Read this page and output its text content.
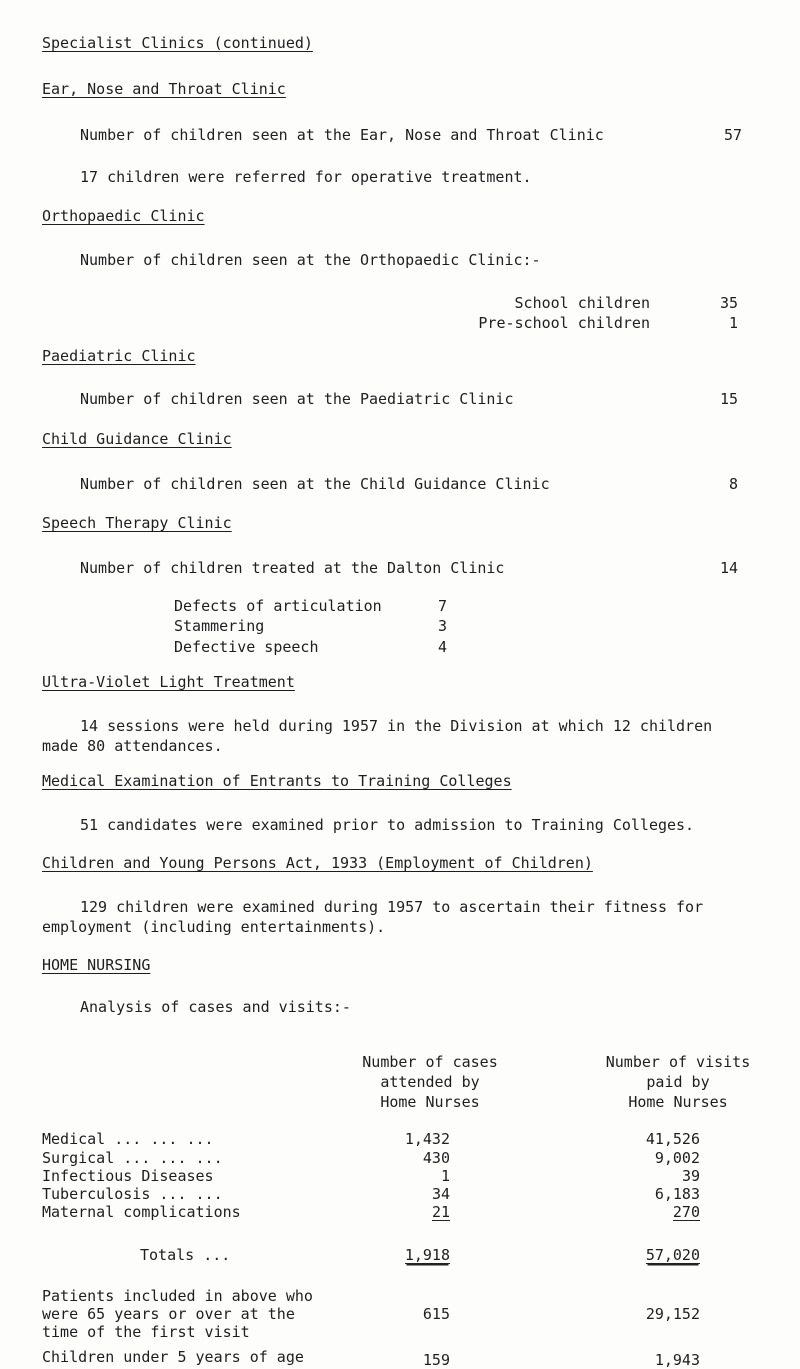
Specialist Clinics (continued)
Ear, Nose and Throat Clinic
Number of children seen at the Ear, Nose and Throat Clinic	57
17 children were referred for operative treatment.
Orthopaedic Clinic
Number of children seen at the Orthopaedic Clinic:-
School children	35
Pre-school children	1
Paediatric Clinic
Number of children seen at the Paediatric Clinic	15
Child Guidance Clinic
Number of children seen at the Child Guidance Clinic	8
Speech Therapy Clinic
Number of children treated at the Dalton Clinic	14
Defects of articulation	7
Stammering	3
Defective speech	4
Ultra-Violet Light Treatment
14 sessions were held during 1957 in the Division at which 12 children
made 80 attendances.
Medical Examination of Entrants to Training Colleges
51 candidates were examined prior to admission to Training Colleges.
Children and Young Persons Act, 1933 (Employment of Children)
129 children were examined during 1957 to ascertain their fitness for
employment (including entertainments).
HOME NURSING
Analysis of cases and visits:-
Number of cases
attended by
Home Nurses
Number of visits
paid by
Home Nurses
Medical ... ... ...	1,432	41,526
Surgical ... ... ...	430	9,002
Infectious Diseases	1	39
Tuberculosis ... ...	34	6,183
Maternal complications	21	270
Totals ...	1,918	57,020
Patients included in above who
were 65 years or over at the
time of the first visit
615	29,152
Children under 5 years of age	159	1,943
